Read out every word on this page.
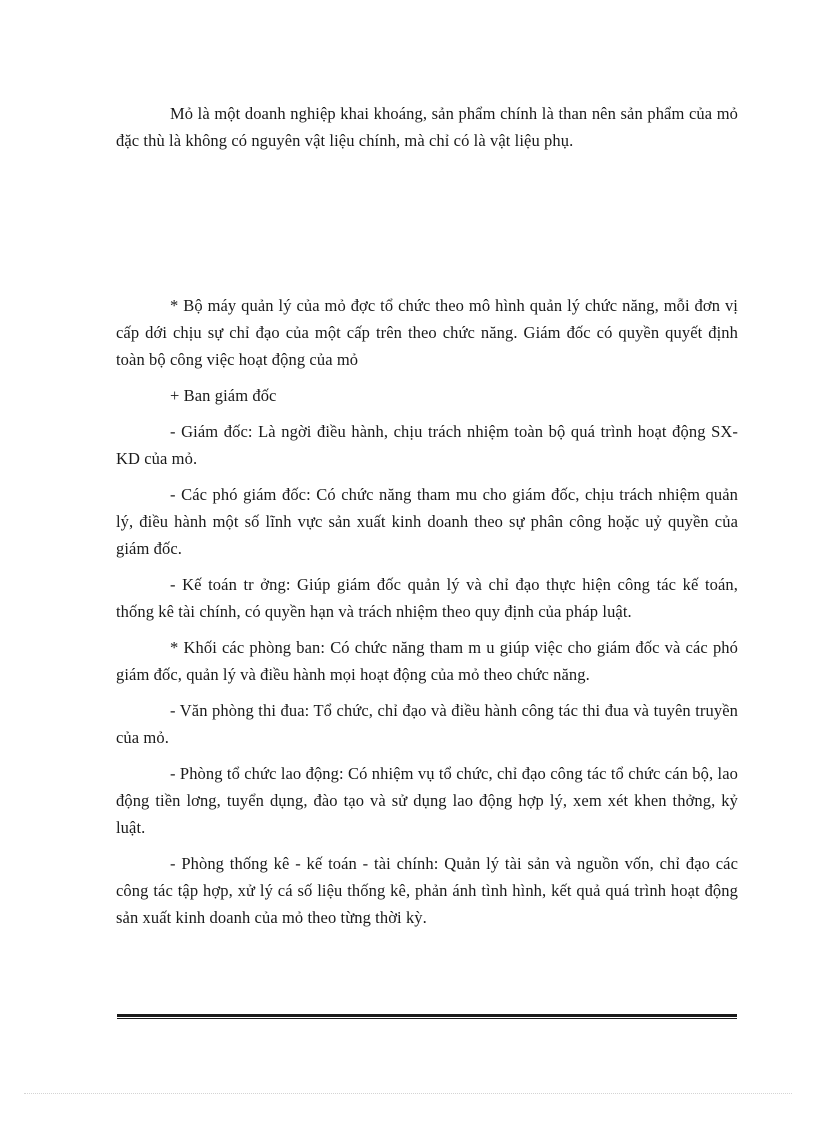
Mỏ là một doanh nghiệp khai khoáng, sản phẩm chính là than nên sản phẩm của mỏ đặc thù là không có nguyên vật liệu chính, mà chỉ có là vật liệu phụ.

* Bộ máy quản lý của mỏ đợc tổ chức theo mô hình quản lý chức năng, mỗi đơn vị cấp dới chịu sự chỉ đạo của một cấp trên theo chức năng. Giám đốc có quyền quyết định toàn bộ công việc hoạt động của mỏ

+ Ban giám đốc

- Giám đốc: Là ngời điều hành, chịu trách nhiệm toàn bộ quá trình hoạt động SX- KD của mỏ.

- Các phó giám đốc: Có chức năng tham mu cho giám đốc, chịu trách nhiệm quản lý, điều hành một số lĩnh vực sản xuất kinh doanh theo sự phân công hoặc uỷ quyền của giám đốc.

- Kế toán tr ởng: Giúp giám đốc quản lý và chỉ đạo thực hiện công tác kế toán, thống kê tài chính, có quyền hạn và trách nhiệm theo quy định của pháp luật.

* Khối các phòng ban: Có chức năng tham m u giúp việc cho giám đốc và các phó giám đốc, quản lý và điều hành mọi hoạt động của mỏ theo chức năng.

- Văn phòng thi đua: Tổ chức, chỉ đạo và điều hành công tác thi đua và tuyên truyền của mỏ.

- Phòng tổ chức lao động: Có nhiệm vụ tổ chức, chỉ đạo công tác tổ chức cán bộ, lao động tiền lơng, tuyển dụng, đào tạo và sử dụng lao động hợp lý, xem xét khen thởng, kỷ luật.

- Phòng thống kê - kế toán - tài chính: Quản lý tài sản và nguồn vốn, chỉ đạo các công tác tập hợp, xử lý cá số liệu thống kê, phản ánh tình hình, kết quả quá trình hoạt động sản xuất kinh doanh của mỏ theo từng thời kỳ.
